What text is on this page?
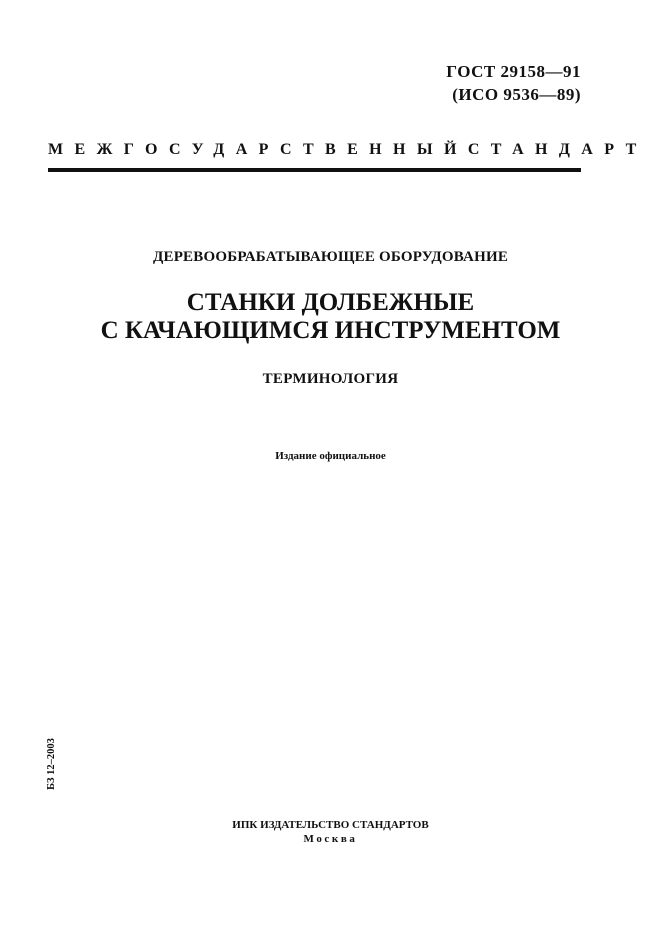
ГОСТ 29158—91
(ИСО 9536—89)
МЕЖГОСУДАРСТВЕННЫЙ СТАНДАРТ
ДЕРЕВООБРАБАТЫВАЮЩЕЕ ОБОРУДОВАНИЕ
СТАНКИ ДОЛБЕЖНЫЕ
С КАЧАЮЩИМСЯ ИНСТРУМЕНТОМ
ТЕРМИНОЛОГИЯ
Издание официальное
БЗ 12–2003
ИПК ИЗДАТЕЛЬСТВО СТАНДАРТОВ
Москва
